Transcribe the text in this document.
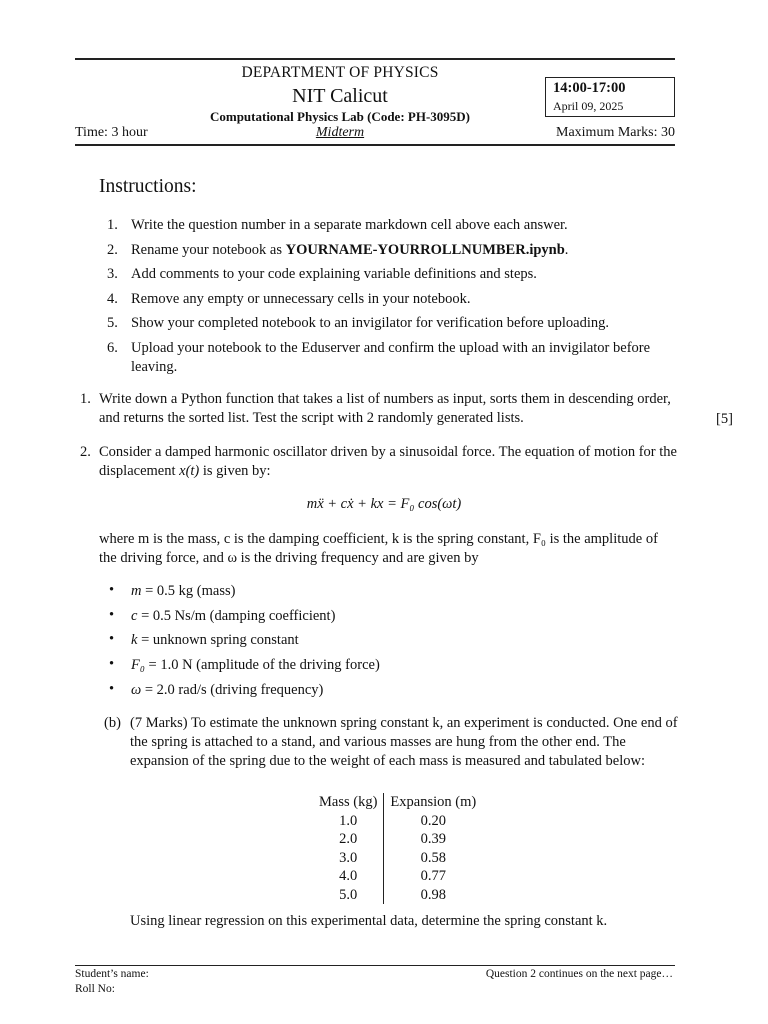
DEPARTMENT OF PHYSICS
NIT Calicut
Computational Physics Lab (Code: PH-3095D)
Time: 3 hour	Midterm	Maximum Marks: 30
14:00-17:00
April 09, 2025
Instructions:
1. Write the question number in a separate markdown cell above each answer.
2. Rename your notebook as YOURNAME-YOURROLLNUMBER.ipynb.
3. Add comments to your code explaining variable definitions and steps.
4. Remove any empty or unnecessary cells in your notebook.
5. Show your completed notebook to an invigilator for verification before uploading.
6. Upload your notebook to the Eduserver and confirm the upload with an invigilator before leaving.
1. Write down a Python function that takes a list of numbers as input, sorts them in descending order, and returns the sorted list. Test the script with 2 randomly generated lists.	[5]
2. Consider a damped harmonic oscillator driven by a sinusoidal force. The equation of motion for the displacement x(t) is given by:
mẍ + cẋ + kx = F₀ cos(ωt)
where m is the mass, c is the damping coefficient, k is the spring constant, F₀ is the amplitude of the driving force, and ω is the driving frequency and are given by
• m = 0.5 kg (mass)
• c = 0.5 Ns/m (damping coefficient)
• k = unknown spring constant
• F₀ = 1.0 N (amplitude of the driving force)
• ω = 2.0 rad/s (driving frequency)
(b) (7 Marks) To estimate the unknown spring constant k, an experiment is conducted. One end of the spring is attached to a stand, and various masses are hung from the other end. The expansion of the spring due to the weight of each mass is measured and tabulated below:
Mass (kg)	Expansion (m)
1.0	0.20
2.0	0.39
3.0	0.58
4.0	0.77
5.0	0.98
Using linear regression on this experimental data, determine the spring constant k.
Student’s name:
Roll No:
Question 2 continues on the next page…
